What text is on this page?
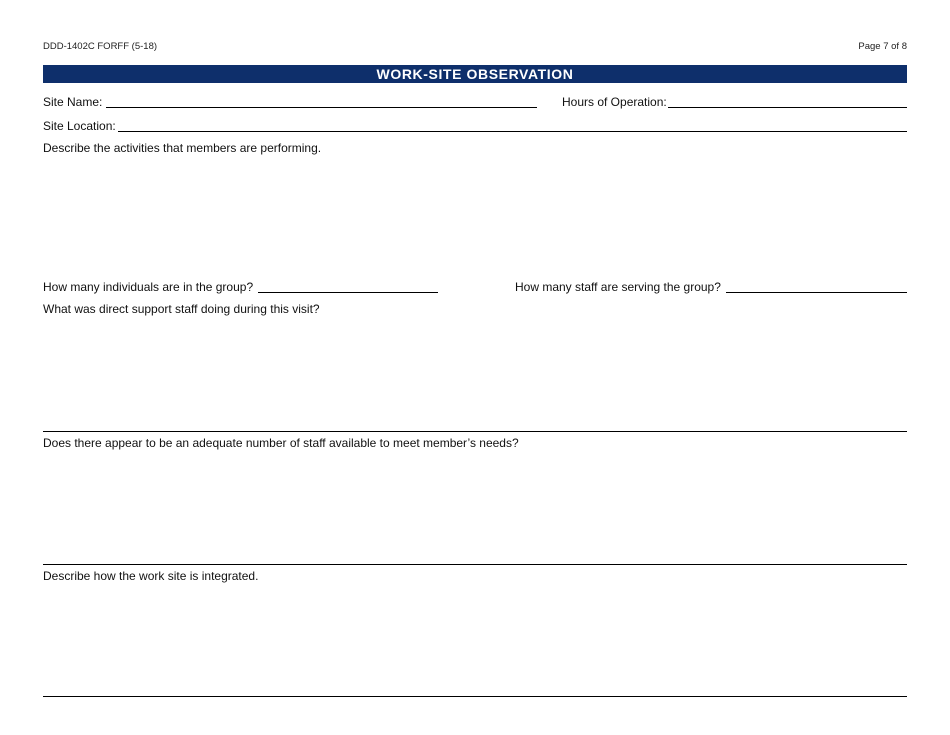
DDD-1402C FORFF (5-18)	Page 7 of 8
WORK-SITE OBSERVATION
Site Name:	Hours of Operation:
Site Location:
Describe the activities that members are performing.
How many individuals are in the group?	How many staff are serving the group?
What was direct support staff doing during this visit?
Does there appear to be an adequate number of staff available to meet member’s needs?
Describe how the work site is integrated.
